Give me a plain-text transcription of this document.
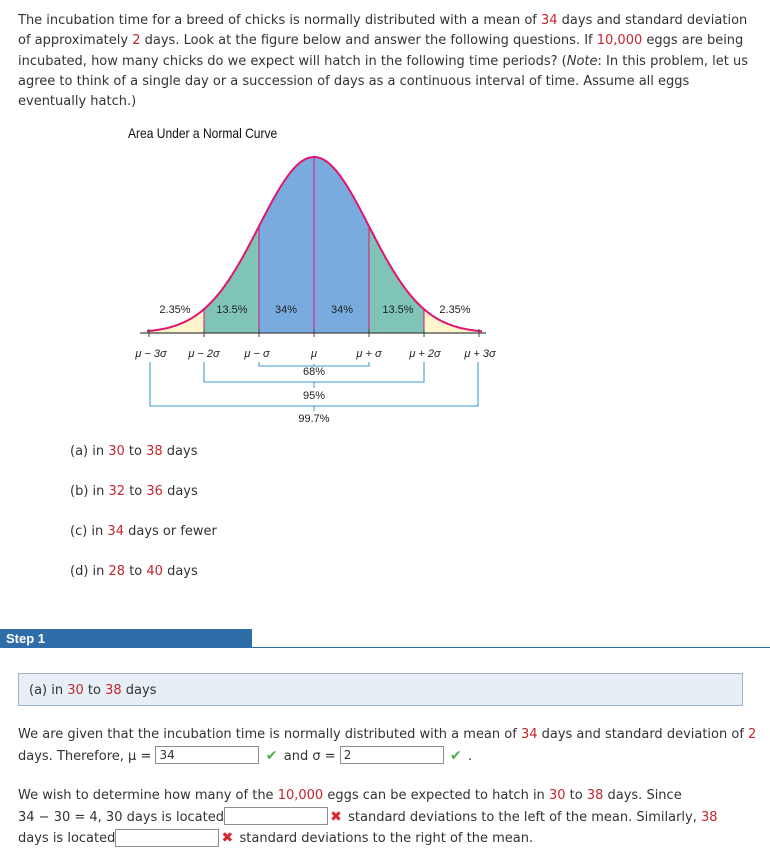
The incubation time for a breed of chicks is normally distributed with a mean of 34 days and standard deviation of approximately 2 days. Look at the figure below and answer the following questions. If 10,000 eggs are being incubated, how many chicks do we expect will hatch in the following time periods? (Note: In this problem, let us agree to think of a single day or a succession of days as a continuous interval of time. Assume all eggs eventually hatch.)

Area Under a Normal Curve
2.35% 13.5% 34%	34%	13.5% 2.35%
μ − 3σ μ − 2σ μ − σ	μ	μ + σ	μ + 2σ μ + 3σ
68%
95%
99.7%

(a) in 30 to 38 days

(b) in 32 to 36 days

(c) in 34 days or fewer

(d) in 28 to 40 days

Step 1
(a) in 30 to 38 days

We are given that the incubation time is normally distributed with a mean of 34 days and standard deviation of 2 days. Therefore, μ = 34	✔ and σ = 2	✔ .

We wish to determine how many of the 10,000 eggs can be expected to hatch in 30 to 38 days. Since
34 − 30 = 4, 30 days is located	✖ standard deviations to the left of the mean. Similarly, 38
days is located	✖ standard deviations to the right of the mean.
